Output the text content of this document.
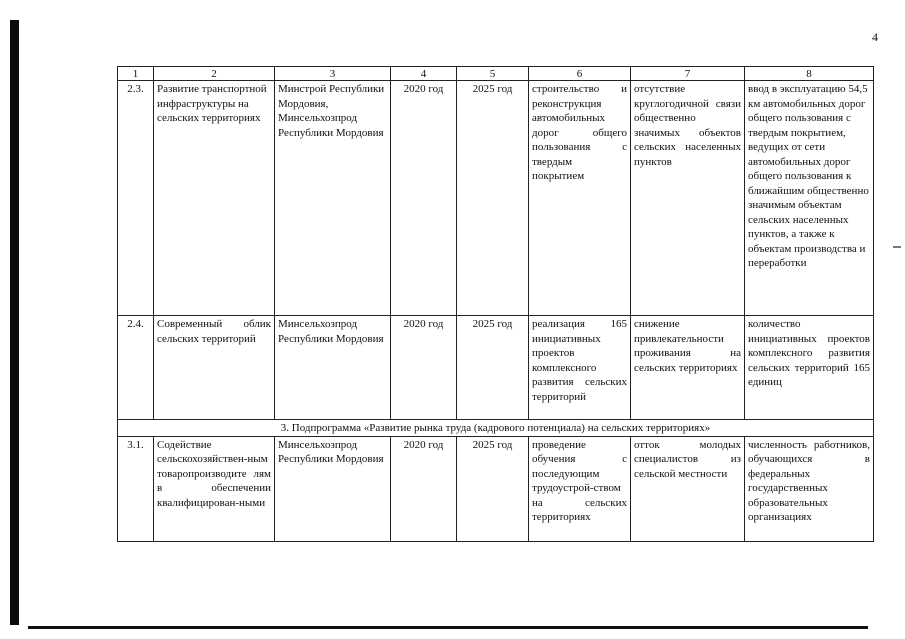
4
1	2	3	4	5	6	7	8
2.3.	Развитие транспортной инфраструктуры на сельских территориях	Минстрой Республики Мордовия, Минсельхозпрод Республики Мордовия	2020 год	2025 год	строительство и реконструкция автомобильных дорог общего пользования с твердым покрытием	отсутствие круглогодичной связи общественно значимых объектов сельских населенных пунктов	ввод в эксплуатацию 54,5 км автомобильных дорог общего пользования с твердым покрытием, ведущих от сети автомобильных дорог общего пользования к ближайшим общественно значимым объектам сельских населенных пунктов, а также к объектам производства и переработки
2.4.	Современный облик сельских территорий	Минсельхозпрод Республики Мордовия	2020 год	2025 год	реализация 165 инициативных проектов комплексного развития сельских территорий	снижение привлекательности проживания на сельских территориях	количество инициативных проектов комплексного развития сельских территорий 165 единиц
3. Подпрограмма «Развитие рынка труда (кадрового потенциала) на сельских территориях»							
3.1.	Содействие сельскохозяйствен-ным товаропроизводите лям в обеспечении квалифицирован-ными	Минсельхозпрод Республики Мордовия	2020 год	2025 год	проведение обучения с последующим трудоустрой-ством на сельских территориях	отток молодых специалистов из сельской местности	численность работников, обучающихся в федеральных государственных образовательных организациях
